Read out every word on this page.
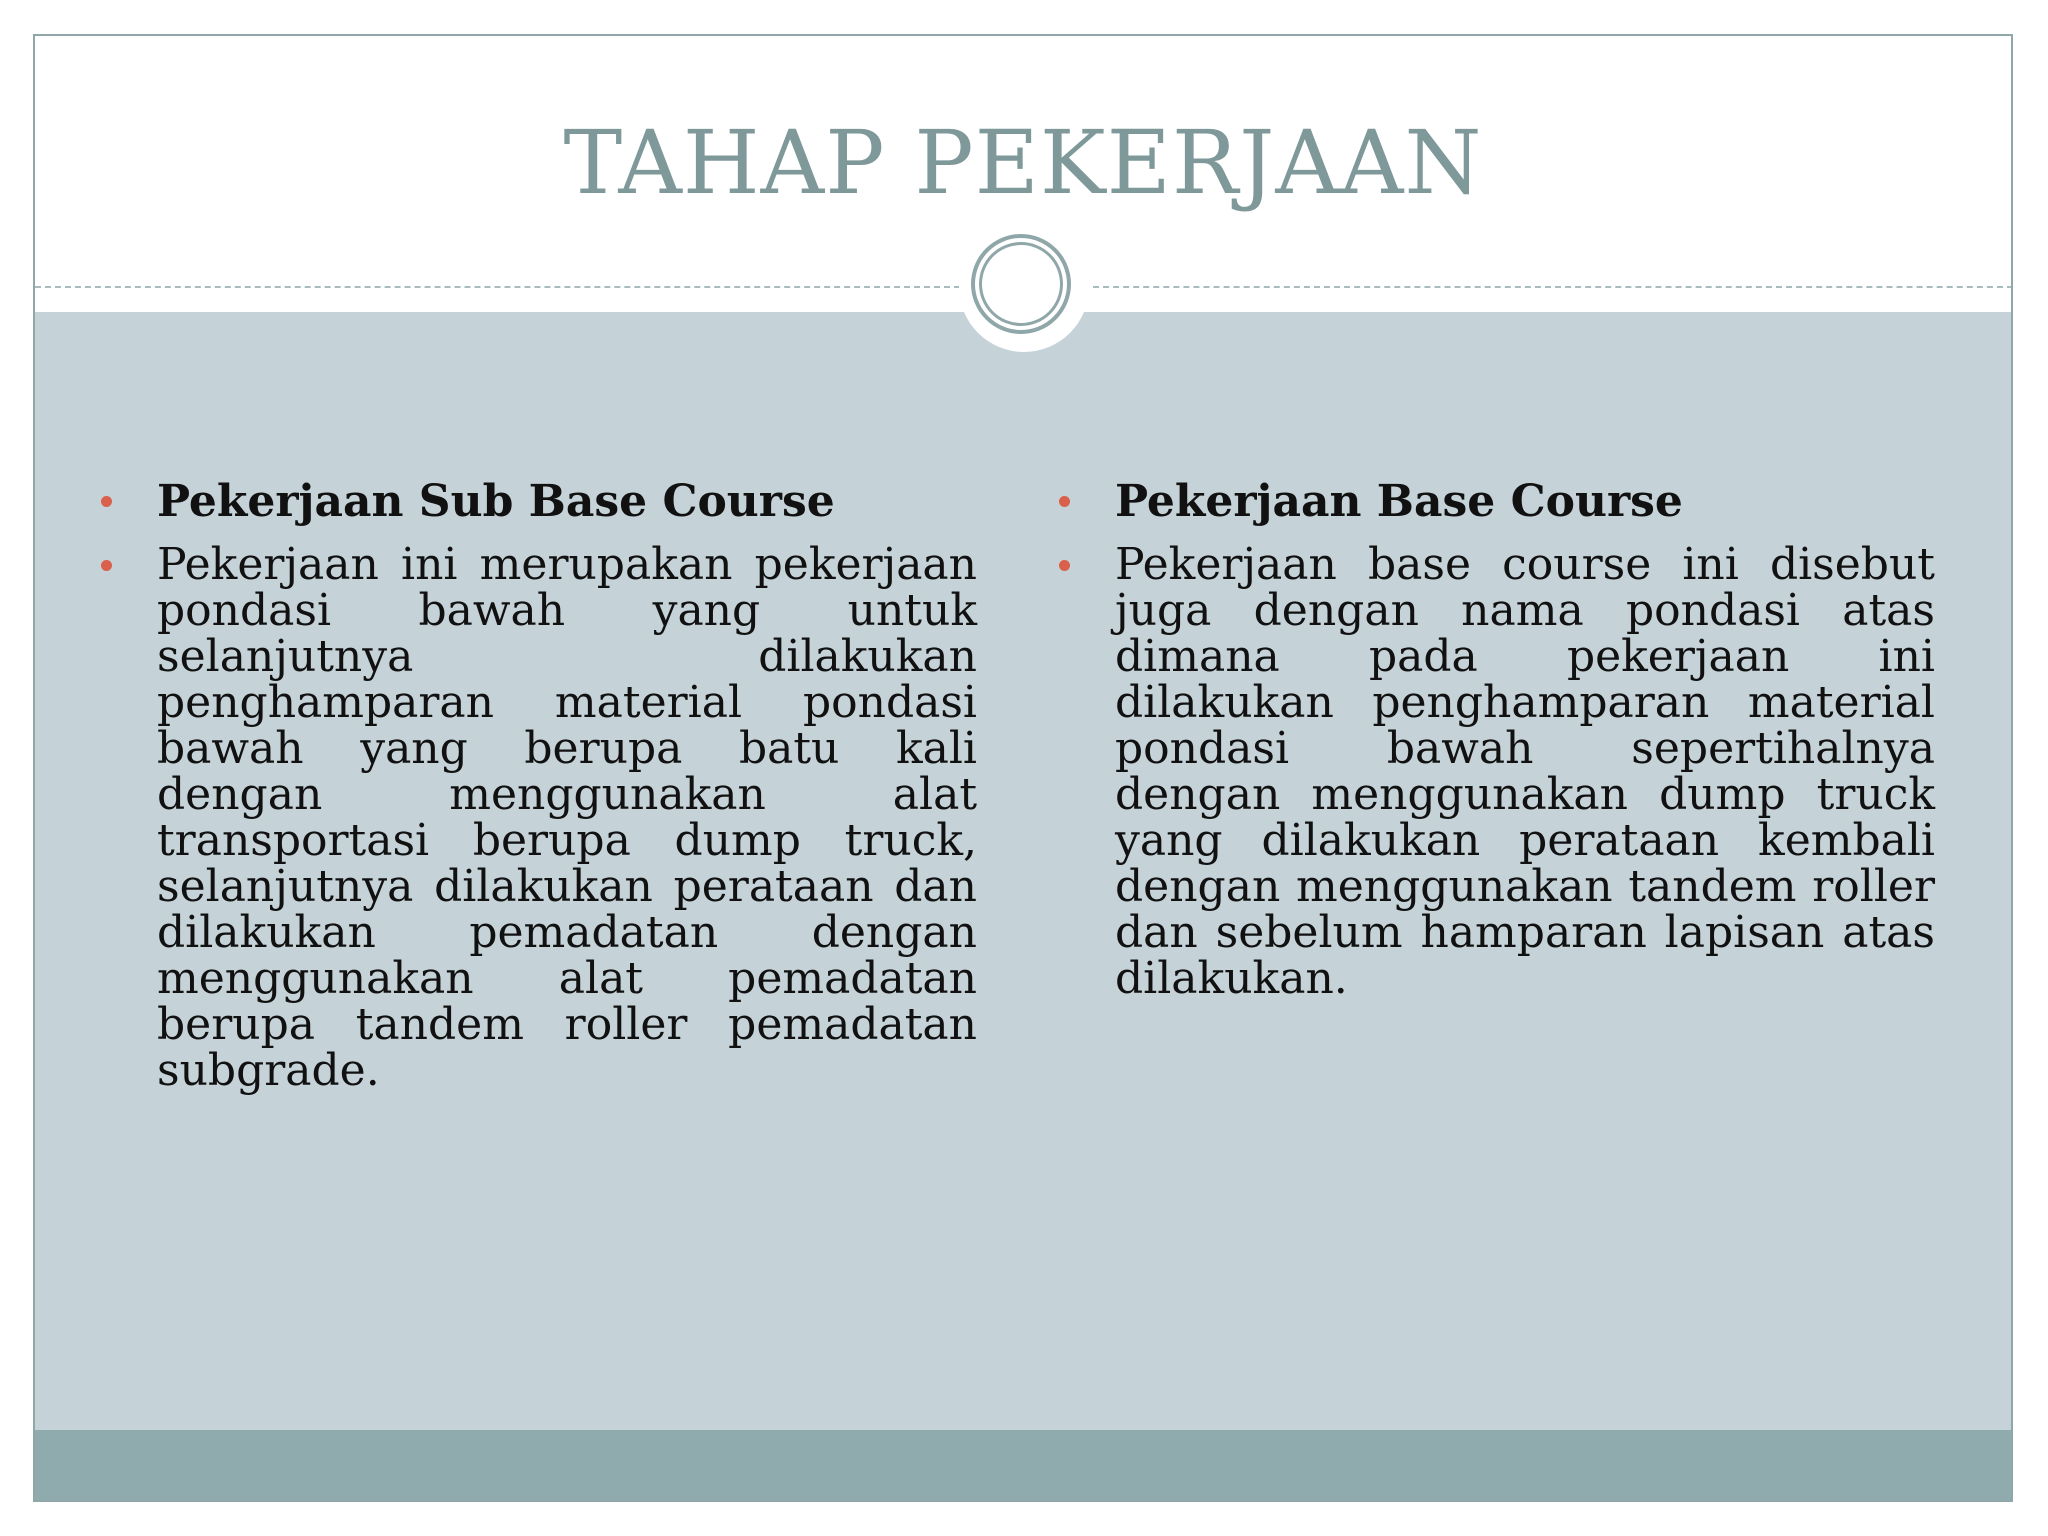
TAHAP PEKERJAAN

Pekerjaan Sub Base Course

Pekerjaan ini merupakan pekerjaan pondasi bawah yang untuk selanjutnya dilakukan penghamparan material pondasi bawah yang berupa batu kali dengan menggunakan alat transportasi berupa dump truck, selanjutnya dilakukan perataan dan dilakukan pemadatan dengan menggunakan alat pemadatan berupa tandem roller pemadatan subgrade.

Pekerjaan Base Course

Pekerjaan base course ini disebut juga dengan nama pondasi atas dimana pada pekerjaan ini dilakukan penghamparan material pondasi bawah sepertihalnya dengan menggunakan dump truck yang dilakukan perataan kembali dengan menggunakan tandem roller dan sebelum hamparan lapisan atas dilakukan.
